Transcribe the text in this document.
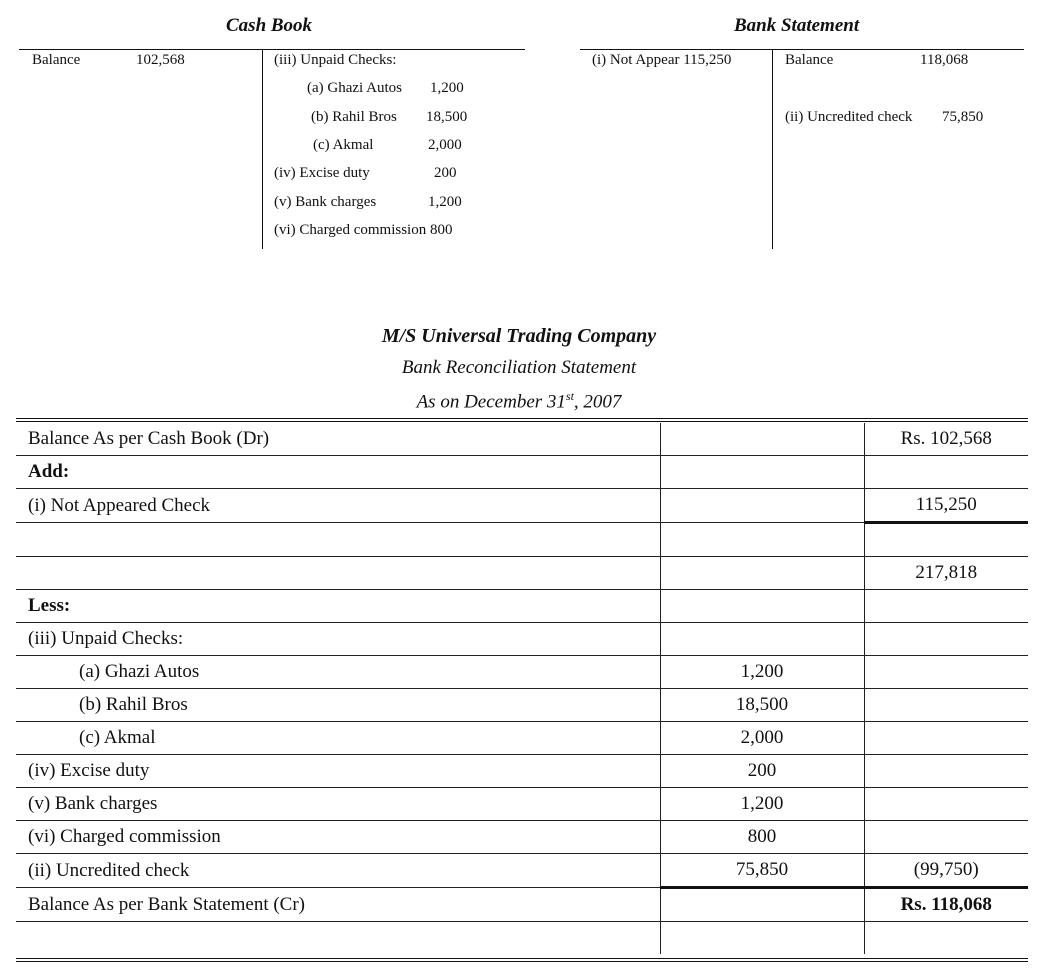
Cash Book	Bank Statement
Balance	102,568	(iii) Unpaid Checks:
(a) Ghazi Autos 1,200
(b) Rahil Bros 18,500
(c) Akmal	2,000
(iv) Excise duty	200
(v) Bank charges	1,200
(vi) Charged commission 800
(i) Not Appear 115,250	Balance	118,068
(ii) Uncredited check 75,850
M/S Universal Trading Company
Bank Reconciliation Statement
As on December 31st, 2007
Balance As per Cash Book (Dr)		Rs. 102,568
Add:		
(i) Not Appeared Check		115,250

		217,818
Less:		
(iii) Unpaid Checks:		
(a) Ghazi Autos	1,200	
(b) Rahil Bros	18,500	
(c) Akmal	2,000	
(iv) Excise duty	200	
(v) Bank charges	1,200	
(vi) Charged commission	800	
(ii) Uncredited check	75,850	(99,750)
Balance As per Bank Statement (Cr)		Rs. 118,068
